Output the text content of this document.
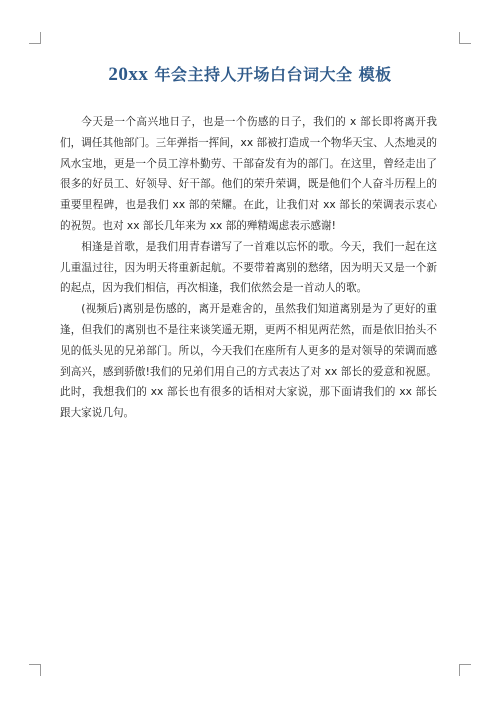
20xx 年会主持人开场白台词大全 模板

今天是一个高兴地日子，也是一个伤感的日子，我们的 x 部长即将离开我们，调任其他部门。三年弹指一挥间，xx 部被打造成一个物华天宝、人杰地灵的风水宝地，更是一个员工淳朴勤劳、干部奋发有为的部门。在这里，曾经走出了很多的好员工、好领导、好干部。他们的荣升荣调，既是他们个人奋斗历程上的重要里程碑，也是我们 xx 部的荣耀。在此，让我们对 xx 部长的荣调表示衷心的祝贺。也对 xx 部长几年来为 xx 部的殚精竭虑表示感谢!

相逢是首歌，是我们用青春谱写了一首难以忘怀的歌。今天，我们一起在这儿重温过往，因为明天将重新起航。不要带着离别的愁绪，因为明天又是一个新的起点，因为我们相信，再次相逢，我们依然会是一首动人的歌。

(视频后)离别是伤感的，离开是难舍的，虽然我们知道离别是为了更好的重逢，但我们的离别也不是往来谈笑遥无期，更两不相见两茫然，而是依旧抬头不见的低头见的兄弟部门。所以，今天我们在座所有人更多的是对领导的荣调而感到高兴，感到骄傲!我们的兄弟们用自己的方式表达了对 xx 部长的爱意和祝愿。此时，我想我们的 xx 部长也有很多的话相对大家说，那下面请我们的 xx 部长跟大家说几句。
